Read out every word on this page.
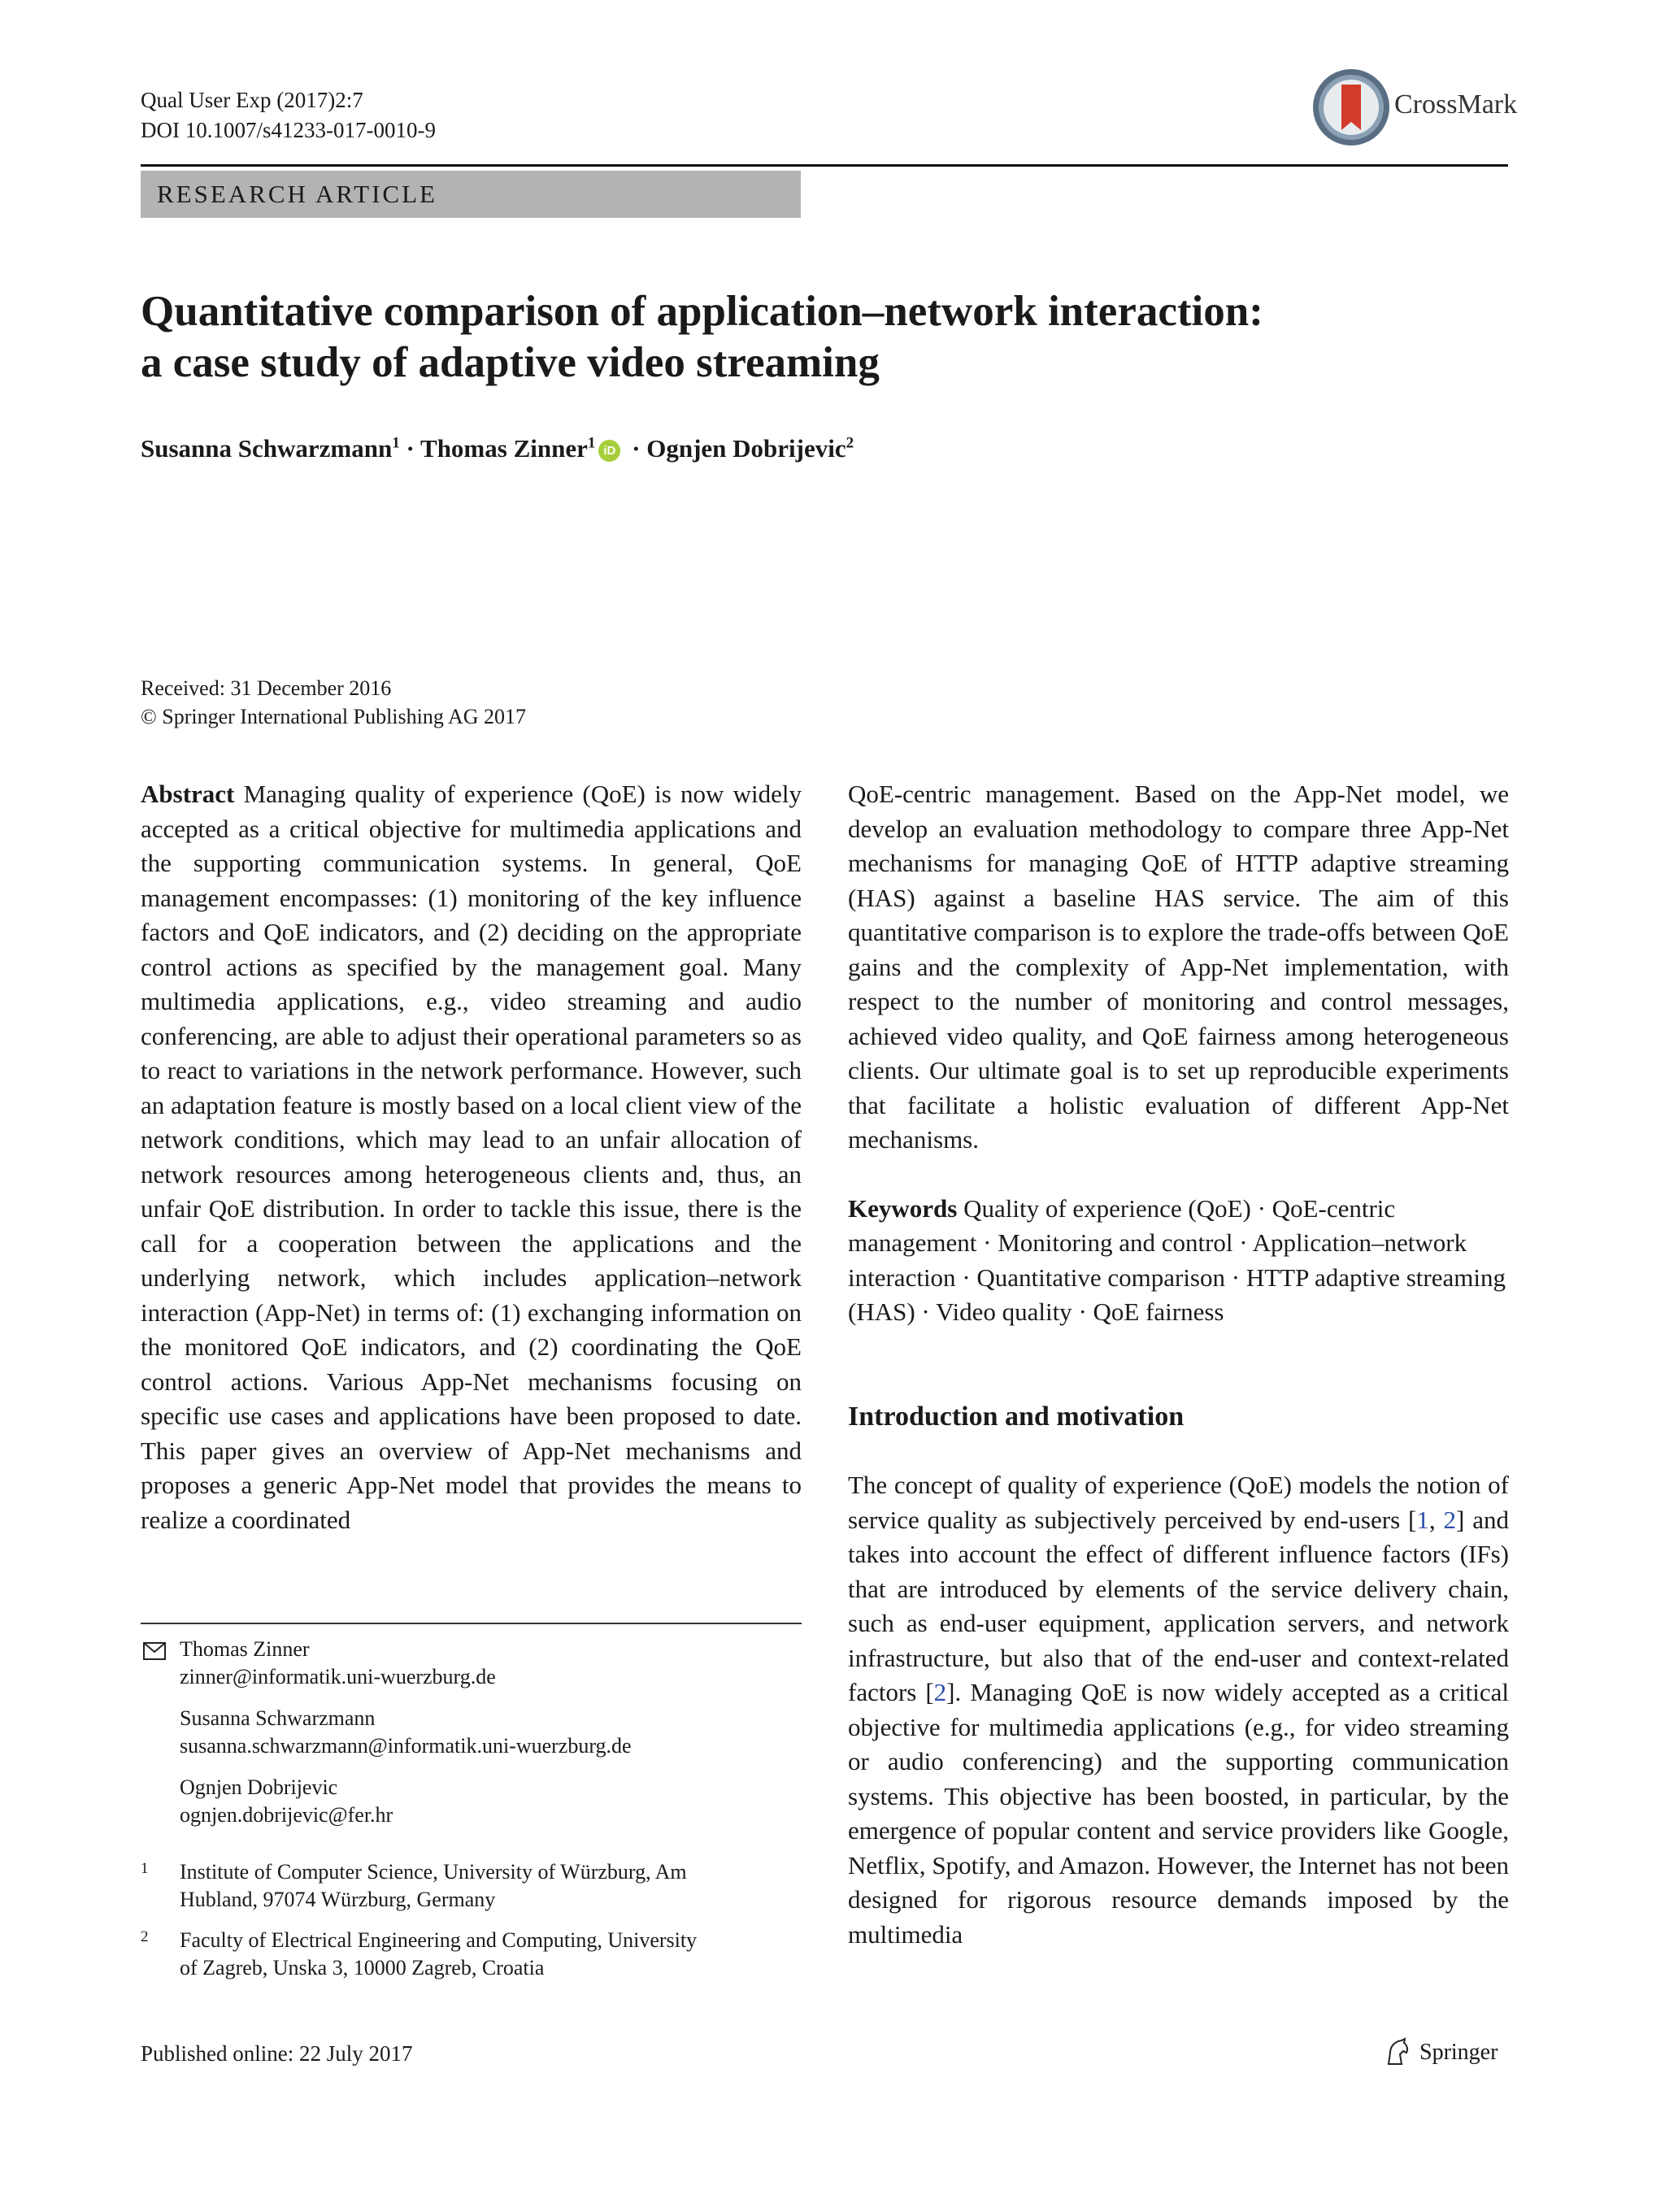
Qual User Exp (2017)2:7
DOI 10.1007/s41233-017-0010-9
CrossMark
RESEARCH ARTICLE
Quantitative comparison of application–network interaction:
a case study of adaptive video streaming
Susanna Schwarzmann$^1$ · Thomas Zinner$^1$ iD · Ognjen Dobrijevic$^2$
Received: 31 December 2016
© Springer International Publishing AG 2017

Abstract Managing quality of experience (QoE) is now widely accepted as a critical objective for multimedia applications and the supporting communication systems. In general, QoE management encompasses: (1) monitoring of the key influence factors and QoE indicators, and (2) deciding on the appropriate control actions as specified by the management goal. Many multimedia applications, e.g., video streaming and audio conferencing, are able to adjust their operational parameters so as to react to variations in the network performance. However, such an adaptation feature is mostly based on a local client view of the network conditions, which may lead to an unfair allocation of network resources among heterogeneous clients and, thus, an unfair QoE distribution. In order to tackle this issue, there is the call for a cooperation between the applications and the underlying network, which includes application–network interaction (App-Net) in terms of: (1) exchanging information on the monitored QoE indicators, and (2) coordinating the QoE control actions. Various App-Net mechanisms focusing on specific use cases and applications have been proposed to date. This paper gives an overview of App-Net mechanisms and proposes a generic App-Net model that provides the means to realize a coordinated

QoE-centric management. Based on the App-Net model, we develop an evaluation methodology to compare three App-Net mechanisms for managing QoE of HTTP adaptive streaming (HAS) against a baseline HAS service. The aim of this quantitative comparison is to explore the trade-offs between QoE gains and the complexity of App-Net implementation, with respect to the number of monitoring and control messages, achieved video quality, and QoE fairness among heterogeneous clients. Our ultimate goal is to set up reproducible experiments that facilitate a holistic evaluation of different App-Net mechanisms.

Keywords Quality of experience (QoE) · QoE-centric management · Monitoring and control · Application–network interaction · Quantitative comparison · HTTP adaptive streaming (HAS) · Video quality · QoE fairness

Introduction and motivation

The concept of quality of experience (QoE) models the notion of service quality as subjectively perceived by end-users [1, 2] and takes into account the effect of different influence factors (IFs) that are introduced by elements of the service delivery chain, such as end-user equipment, application servers, and network infrastructure, but also that of the end-user and context-related factors [2]. Managing QoE is now widely accepted as a critical objective for multimedia applications (e.g., for video streaming or audio conferencing) and the supporting communication systems. This objective has been boosted, in particular, by the emergence of popular content and service providers like Google, Netflix, Spotify, and Amazon. However, the Internet has not been designed for rigorous resource demands imposed by the multimedia

Thomas Zinner
zinner@informatik.uni-wuerzburg.de
Susanna Schwarzmann
susanna.schwarzmann@informatik.uni-wuerzburg.de
Ognjen Dobrijevic
ognjen.dobrijevic@fer.hr
1 Institute of Computer Science, University of Würzburg, Am
Hubland, 97074 Würzburg, Germany
2 Faculty of Electrical Engineering and Computing, University
of Zagreb, Unska 3, 10000 Zagreb, Croatia
Published online: 22 July 2017	Springer
